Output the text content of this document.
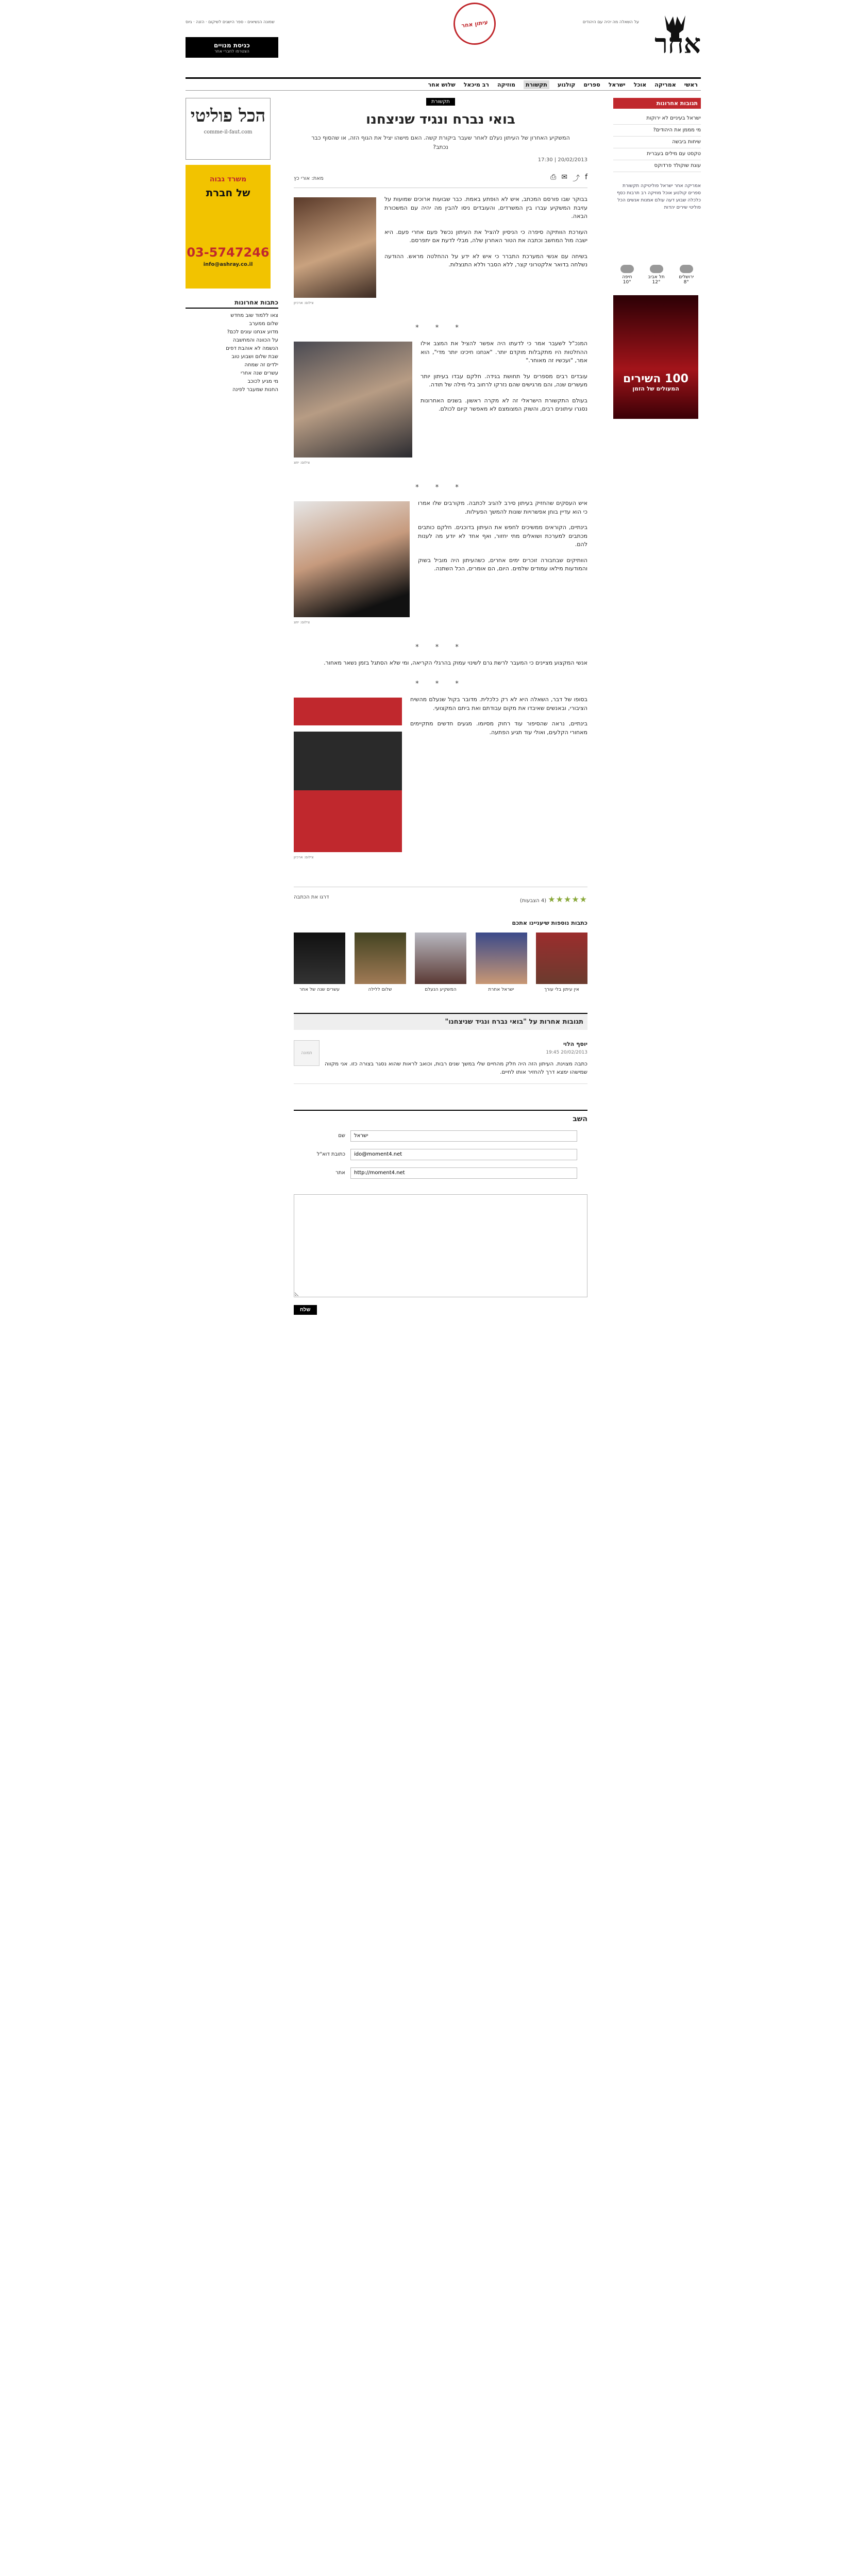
שמונה הנשיאים - ספר הישגים לשיקום · הזנה · גיוס	על השאלה מה יהיה עם היהודים
אחר
עיתון אחר
כניסת מנויים
הצטרפו לחברי אחר
ראשי
אמריקה
אוכל
ישראל
ספרים
קולנוע
תקשורת
מוזיקה
רב מיכאל
שלוש אחר
תגובות אחרונות
ישראל בעיניים לא ירוקות
מי מממן את היהודים?
שיחות ביבשה
טקסט עם מילים בעברית
עוגת שוקולד פרדוקס
אמריקה אחר ישראל פוליטיקה תקשורת ספרים קולנוע אוכל מוזיקה רב תרבות כסף כלכלה שבוע דעה עולם אמנות אנשים הכל פוליטי שירים יהדות
ירושלים
8°
תל אביב
12°
חיפה
10°
100 השירים
המעולים של הזמן
הכל פוליטי
comme-il-faut.com
משרד גבוה
של חברת
03-5747246
info@ashray.co.il
כתבות אחרונות
צאו ללמוד שוב מחדש
שלום ממערב
מדוע אנחנו עונים לכם?
על הכוונה והמחשבה
הנשמה לא אוהבת דפים
שבת שלום ושבוע טוב
ילדים זה שמחה
עשרים שנה אחרי
מי מגיע לכוכב
החנות שמעבר לפינה
תקשורת
בואי נברח ונגיד שניצחנו
המשקיע האחרון של העיתון נעלם לאחר שעבר ביקורת קשה. האם מישהו יציל את הגוף הזה, או שהסוף כבר נכתב?
20/02/2013 | 17:30
מאת: אורי כץ	⎙ ✉ ⤴ f
צילום: ארכיון

בבוקר שבו פורסם המכתב, איש לא הופתע באמת. כבר שבועות ארוכים שמועות על עזיבת המשקיע עברו בין המשרדים, והעובדים ניסו להבין מה יהיה עם המשכורת הבאה.

העורכת הוותיקה סיפרה כי הניסיון להציל את העיתון נכשל פעם אחרי פעם. היא ישבה מול המחשב וכתבה את הטור האחרון שלה, מבלי לדעת אם יתפרסם.

בשיחה עם אנשי המערכת התברר כי איש לא ידע על ההחלטה מראש. ההודעה נשלחה בדואר אלקטרוני קצר, ללא הסבר וללא התנצלות.

* * *
צילום: יחצ

המנכ"ל לשעבר אמר כי לדעתו היה אפשר להציל את המצב אילו ההחלטות היו מתקבלות מוקדם יותר. "אנחנו חיכינו יותר מדי", הוא אמר, "ועכשיו זה מאוחר."

עובדים רבים מספרים על תחושת בגידה. חלקם עבדו בעיתון יותר מעשרים שנה, והם מרגישים שהם נזרקו לרחוב בלי מילה של תודה.

בעולם התקשורת הישראלי זה לא מקרה ראשון. בשנים האחרונות נסגרו עיתונים רבים, והשוק המצומצם לא מאפשר קיום לכולם.

* * *
צילום: יחצ

איש העסקים שהחזיק בעיתון סירב להגיב לכתבה. מקורבים שלו אמרו כי הוא עדיין בוחן אפשרויות שונות להמשך הפעילות.

בינתיים, הקוראים ממשיכים לחפש את העיתון בדוכנים. חלקם כותבים מכתבים למערכת ושואלים מתי יחזור, ואף אחד לא יודע מה לענות להם.

הוותיקים שבחבורה זוכרים ימים אחרים, כשהעיתון היה מוביל בשוק והמודעות מילאו עמודים שלמים. היום, הם אומרים, הכל השתנה.

* * *

אנשי המקצוע מציינים כי המעבר לרשת גרם לשינוי עמוק בהרגלי הקריאה, ומי שלא הסתגל בזמן נשאר מאחור.

* * *
צילום: ארכיון

בסופו של דבר, השאלה היא לא רק כלכלית. מדובר בקול שנעלם מהשיח הציבורי, ובאנשים שאיבדו את מקום עבודתם ואת ביתם המקצועי.

בינתיים, נראה שהסיפור עוד רחוק מסיומו. מגעים חדשים מתקיימים מאחורי הקלעים, ואולי עוד תגיע הפתעה.

דרגו את הכתבה	★★★★★ (4 הצבעות)
כתבות נוספות שיעניינו אתכם
אין עיתון בלי עורך
ישראל אחרת
המשקיע הנעלם
שלום ללילה
עשרים שנה של אחר
תגובות אחרות על "בואי נברח ונגיד שניצחנו"
תמונה
יוסף הלוי
20/02/2013 19:45
כתבה מצוינת. העיתון הזה היה חלק מהחיים שלי במשך שנים רבות, וכואב לראות שהוא נסגר בצורה כזו. אני מקווה שמישהו ימצא דרך להחזיר אותו לחיים.
השב
שם
ישראל
כתובת דוא"ל
ido@moment4.net
אתר
http://moment4.net
שלח
